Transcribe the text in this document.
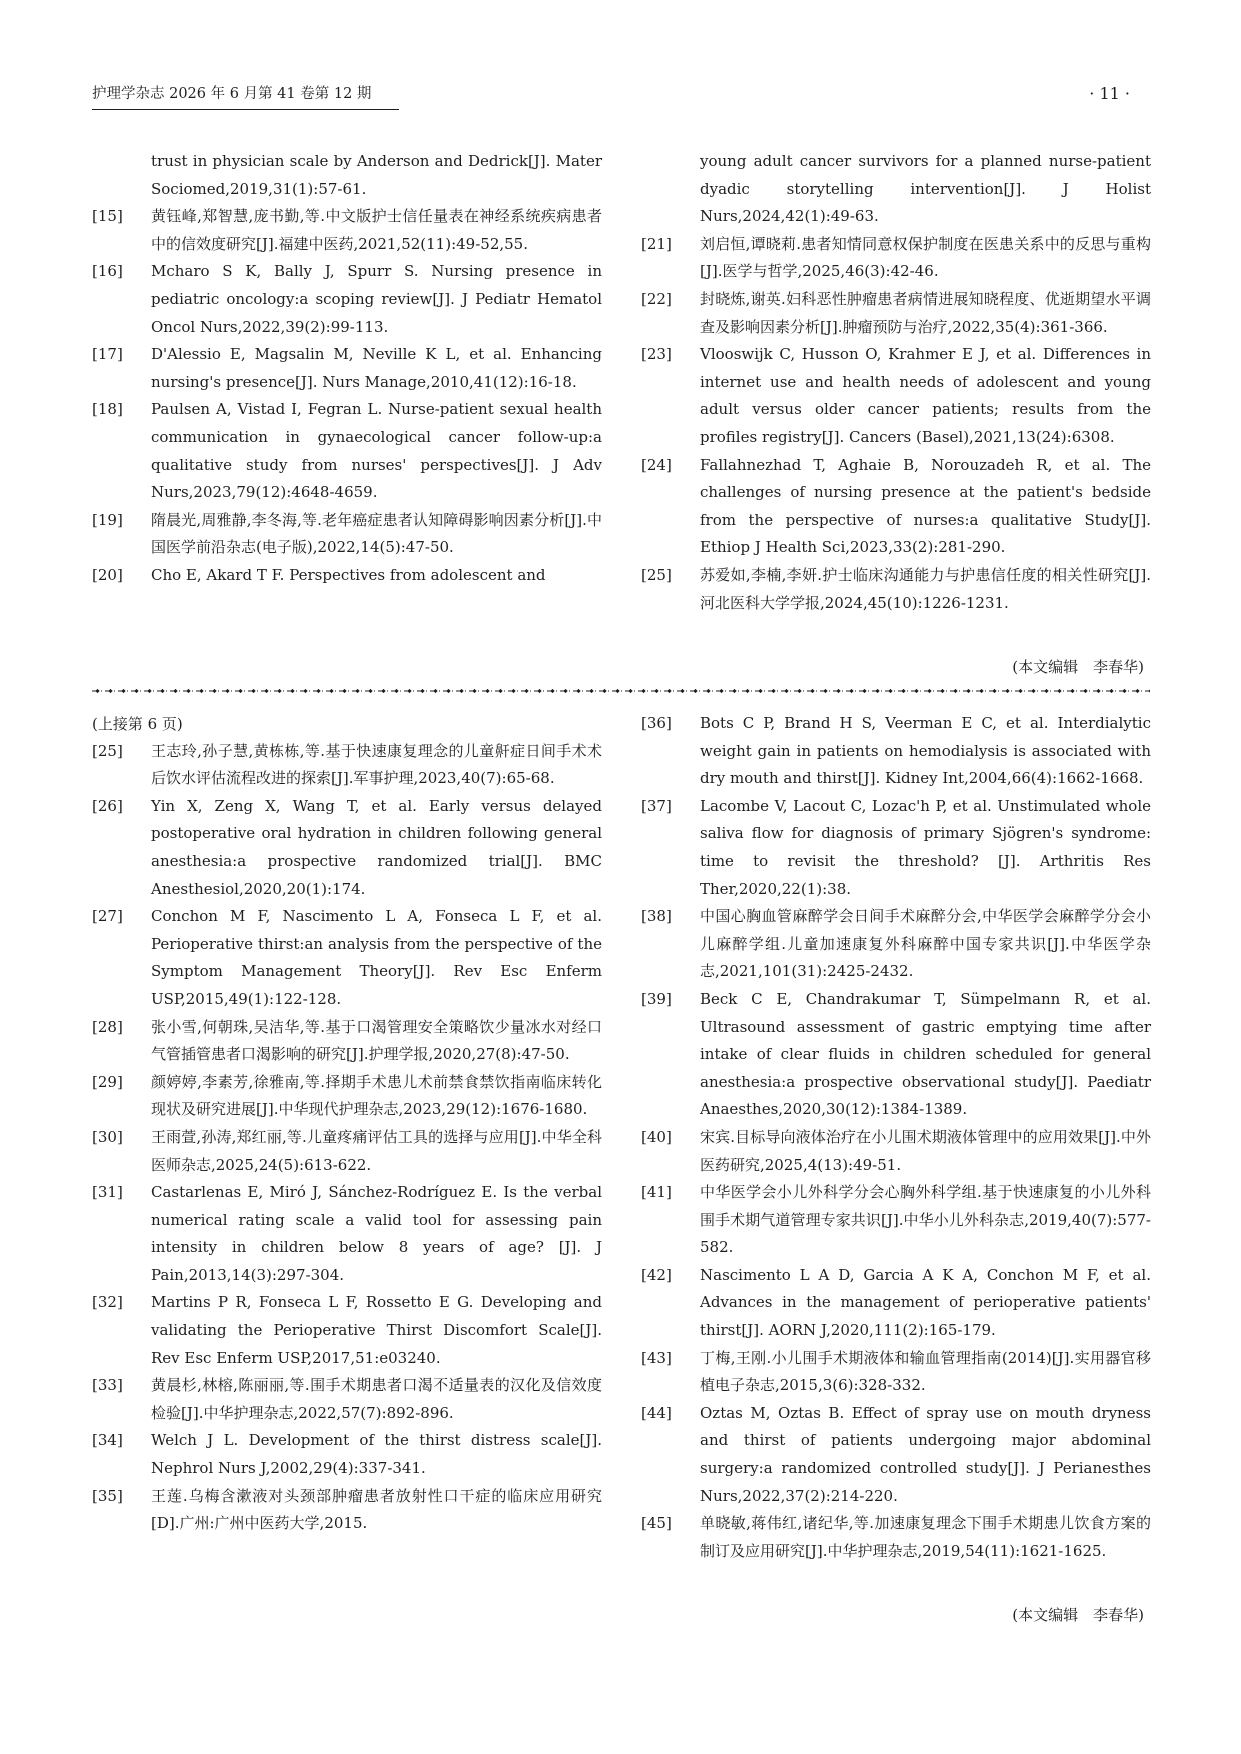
护理学杂志 2026 年 6 月第 41 卷第 12 期	· 11 ·

trust in physician scale by Anderson and Dedrick[J]. Mater Sociomed,2019,31(1):57-61.

[15] 黄钰峰,郑智慧,庞书勤,等.中文版护士信任量表在神经系统疾病患者中的信效度研究[J].福建中医药,2021,52(11):49-52,55.

[16] Mcharo S K, Bally J, Spurr S. Nursing presence in pediatric oncology:a scoping review[J]. J Pediatr Hematol Oncol Nurs,2022,39(2):99-113.

[17] D'Alessio E, Magsalin M, Neville K L, et al. Enhancing nursing's presence[J]. Nurs Manage,2010,41(12):16-18.

[18] Paulsen A, Vistad I, Fegran L. Nurse-patient sexual health communication in gynaecological cancer follow-up:a qualitative study from nurses' perspectives[J]. J Adv Nurs,2023,79(12):4648-4659.

[19] 隋晨光,周雅静,李冬海,等.老年癌症患者认知障碍影响因素分析[J].中国医学前沿杂志(电子版),2022,14(5):47-50.

[20] Cho E, Akard T F. Perspectives from adolescent and

young adult cancer survivors for a planned nurse-patient dyadic storytelling intervention[J]. J Holist Nurs,2024,42(1):49-63.

[21] 刘启恒,谭晓莉.患者知情同意权保护制度在医患关系中的反思与重构[J].医学与哲学,2025,46(3):42-46.

[22] 封晓炼,谢英.妇科恶性肿瘤患者病情进展知晓程度、优逝期望水平调查及影响因素分析[J].肿瘤预防与治疗,2022,35(4):361-366.

[23] Vlooswijk C, Husson O, Krahmer E J, et al. Differences in internet use and health needs of adolescent and young adult versus older cancer patients; results from the profiles registry[J]. Cancers (Basel),2021,13(24):6308.

[24] Fallahnezhad T, Aghaie B, Norouzadeh R, et al. The challenges of nursing presence at the patient's bedside from the perspective of nurses:a qualitative Study[J]. Ethiop J Health Sci,2023,33(2):281-290.

[25] 苏爱如,李楠,李妍.护士临床沟通能力与护患信任度的相关性研究[J].河北医科大学学报,2024,45(10):1226-1231.

(本文编辑　李春华)
(上接第 6 页)

[25] 王志玲,孙子慧,黄栋栋,等.基于快速康复理念的儿童鼾症日间手术术后饮水评估流程改进的探索[J].军事护理,2023,40(7):65-68.

[26] Yin X, Zeng X, Wang T, et al. Early versus delayed postoperative oral hydration in children following general anesthesia:a prospective randomized trial[J]. BMC Anesthesiol,2020,20(1):174.

[27] Conchon M F, Nascimento L A, Fonseca L F, et al. Perioperative thirst:an analysis from the perspective of the Symptom Management Theory[J]. Rev Esc Enferm USP,2015,49(1):122-128.

[28] 张小雪,何朝珠,吴洁华,等.基于口渴管理安全策略饮少量冰水对经口气管插管患者口渴影响的研究[J].护理学报,2020,27(8):47-50.

[29] 颜婷婷,李素芳,徐雅南,等.择期手术患儿术前禁食禁饮指南临床转化现状及研究进展[J].中华现代护理杂志,2023,29(12):1676-1680.

[30] 王雨萱,孙涛,郑红丽,等.儿童疼痛评估工具的选择与应用[J].中华全科医师杂志,2025,24(5):613-622.

[31] Castarlenas E, Miró J, Sánchez-Rodríguez E. Is the verbal numerical rating scale a valid tool for assessing pain intensity in children below 8 years of age? [J]. J Pain,2013,14(3):297-304.

[32] Martins P R, Fonseca L F, Rossetto E G. Developing and validating the Perioperative Thirst Discomfort Scale[J]. Rev Esc Enferm USP,2017,51:e03240.

[33] 黄晨杉,林榕,陈丽丽,等.围手术期患者口渴不适量表的汉化及信效度检验[J].中华护理杂志,2022,57(7):892-896.

[34] Welch J L. Development of the thirst distress scale[J]. Nephrol Nurs J,2002,29(4):337-341.

[35] 王莲.乌梅含漱液对头颈部肿瘤患者放射性口干症的临床应用研究[D].广州:广州中医药大学,2015.

[36] Bots C P, Brand H S, Veerman E C, et al. Interdialytic weight gain in patients on hemodialysis is associated with dry mouth and thirst[J]. Kidney Int,2004,66(4):1662-1668.

[37] Lacombe V, Lacout C, Lozac'h P, et al. Unstimulated whole saliva flow for diagnosis of primary Sjögren's syndrome: time to revisit the threshold? [J]. Arthritis Res Ther,2020,22(1):38.

[38] 中国心胸血管麻醉学会日间手术麻醉分会,中华医学会麻醉学分会小儿麻醉学组.儿童加速康复外科麻醉中国专家共识[J].中华医学杂志,2021,101(31):2425-2432.

[39] Beck C E, Chandrakumar T, Sümpelmann R, et al. Ultrasound assessment of gastric emptying time after intake of clear fluids in children scheduled for general anesthesia:a prospective observational study[J]. Paediatr Anaesthes,2020,30(12):1384-1389.

[40] 宋宾.目标导向液体治疗在小儿围术期液体管理中的应用效果[J].中外医药研究,2025,4(13):49-51.

[41] 中华医学会小儿外科学分会心胸外科学组.基于快速康复的小儿外科围手术期气道管理专家共识[J].中华小儿外科杂志,2019,40(7):577-582.

[42] Nascimento L A D, Garcia A K A, Conchon M F, et al. Advances in the management of perioperative patients' thirst[J]. AORN J,2020,111(2):165-179.

[43] 丁梅,王刚.小儿围手术期液体和输血管理指南(2014)[J].实用器官移植电子杂志,2015,3(6):328-332.

[44] Oztas M, Oztas B. Effect of spray use on mouth dryness and thirst of patients undergoing major abdominal surgery:a randomized controlled study[J]. J Perianesthes Nurs,2022,37(2):214-220.

[45] 单晓敏,蒋伟红,诸纪华,等.加速康复理念下围手术期患儿饮食方案的制订及应用研究[J].中华护理杂志,2019,54(11):1621-1625.

(本文编辑　李春华)
